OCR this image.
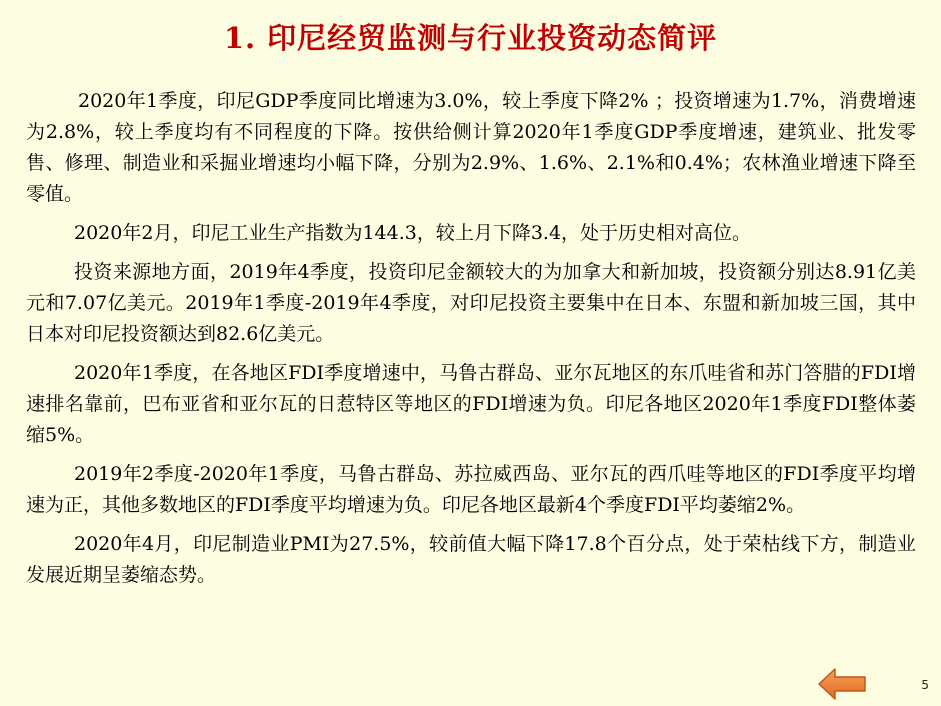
1. 印尼经贸监测与行业投资动态简评

2020年1季度，印尼GDP季度同比增速为3.0%，较上季度下降2% ；投资增速为1.7%，消费增速为2.8%，较上季度均有不同程度的下降。按供给侧计算2020年1季度GDP季度增速，建筑业、批发零售、修理、制造业和采掘业增速均小幅下降，分别为2.9%、1.6%、2.1%和0.4%；农林渔业增速下降至零值。

2020年2月，印尼工业生产指数为144.3，较上月下降3.4，处于历史相对高位。

投资来源地方面，2019年4季度，投资印尼金额较大的为加拿大和新加坡，投资额分别达8.91亿美元和7.07亿美元。2019年1季度-2019年4季度，对印尼投资主要集中在日本、东盟和新加坡三国，其中日本对印尼投资额达到82.6亿美元。

2020年1季度，在各地区FDI季度增速中，马鲁古群岛、亚尔瓦地区的东爪哇省和苏门答腊的FDI增速排名靠前，巴布亚省和亚尔瓦的日惹特区等地区的FDI增速为负。印尼各地区2020年1季度FDI整体萎缩5%。

2019年2季度-2020年1季度，马鲁古群岛、苏拉威西岛、亚尔瓦的西爪哇等地区的FDI季度平均增速为正，其他多数地区的FDI季度平均增速为负。印尼各地区最新4个季度FDI平均萎缩2%。

2020年4月，印尼制造业PMI为27.5%，较前值大幅下降17.8个百分点，处于荣枯线下方，制造业发展近期呈萎缩态势。

5
